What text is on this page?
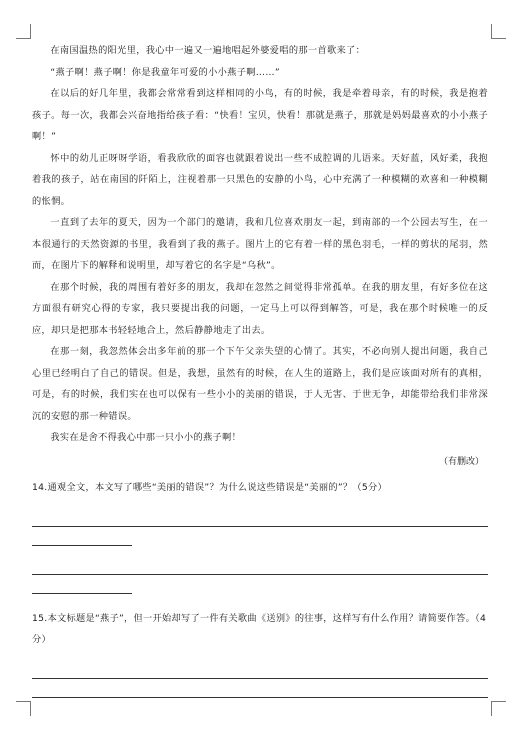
在南国温热的阳光里，我心中一遍又一遍地唱起外婆爱唱的那一首歌来了：

“燕子啊！燕子啊！你是我童年可爱的小小燕子啊……”

在以后的好几年里，我都会常常看到这样相同的小鸟，有的时候，我是牵着母亲，有的时候，我是抱着孩子。每一次，我都会兴奋地指给孩子看：“快看！宝贝，快看！那就是燕子，那就是妈妈最喜欢的小小燕子啊！”

怀中的幼儿正呀呀学语，看我欣欣的面容也就跟着说出一些不成腔调的儿语来。天好蓝，风好柔，我抱着我的孩子，站在南国的阡陌上，注视着那一只黑色的安静的小鸟，心中充满了一种模糊的欢喜和一种模糊的怅惘。

一直到了去年的夏天，因为一个部门的邀请，我和几位喜欢朋友一起，到南部的一个公园去写生，在一本很通行的天然资源的书里，我看到了我的燕子。图片上的它有着一样的黑色羽毛，一样的剪状的尾羽，然而，在图片下的解释和说明里，却写着它的名字是“乌秋”。

在那个时候，我的周围有着好多的朋友，我却在忽然之间觉得非常孤单。在我的朋友里，有好多位在这方面很有研究心得的专家，我只要提出我的问题，一定马上可以得到解答，可是，我在那个时候唯一的反应，却只是把那本书轻轻地合上，然后静静地走了出去。

在那一刻，我忽然体会出多年前的那一个下午父亲失望的心情了。其实，不必向别人提出问题，我自己心里已经明白了自己的错误。但是，我想，虽然有的时候，在人生的道路上，我们是应该面对所有的真相，可是，有的时候，我们实在也可以保有一些小小的美丽的错误，于人无害、于世无争，却能带给我们非常深沉的安慰的那一种错误。

我实在是舍不得我心中那一只小小的燕子啊！

（有删改）
14.通观全文，本文写了哪些“美丽的错误”？为什么说这些错误是“美丽的”？（5分）
15.本文标题是“燕子”，但一开始却写了一件有关歌曲《送别》的往事，这样写有什么作用？请简要作答。（4分）
